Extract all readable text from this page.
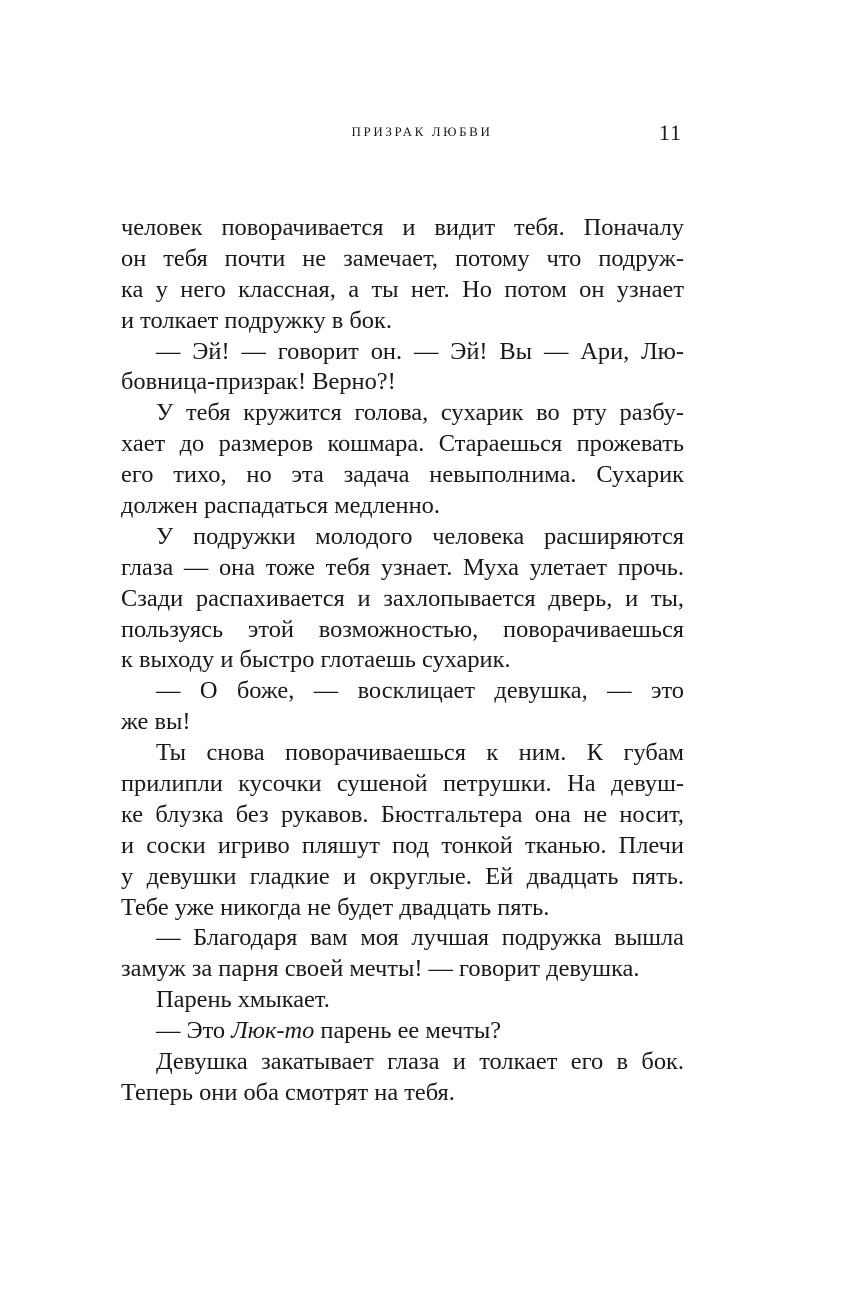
ПРИЗРАК ЛЮБВИ	11
человек поворачивается и видит тебя. Поначалу
он тебя почти не замечает, потому что подруж-
ка у него классная, а ты нет. Но потом он узнает
и толкает подружку в бок.
— Эй! — говорит он. — Эй! Вы — Ари, Лю-
бовница-призрак! Верно?!
У тебя кружится голова, сухарик во рту разбу-
хает до размеров кошмара. Стараешься прожевать
его тихо, но эта задача невыполнима. Сухарик
должен распадаться медленно.
У подружки молодого человека расширяются
глаза — она тоже тебя узнает. Муха улетает прочь.
Сзади распахивается и захлопывается дверь, и ты,
пользуясь этой возможностью, поворачиваешься
к выходу и быстро глотаешь сухарик.
— О боже, — восклицает девушка, — это
же вы!
Ты снова поворачиваешься к ним. К губам
прилипли кусочки сушеной петрушки. На девуш-
ке блузка без рукавов. Бюстгальтера она не носит,
и соски игриво пляшут под тонкой тканью. Плечи
у девушки гладкие и округлые. Ей двадцать пять.
Тебе уже никогда не будет двадцать пять.
— Благодаря вам моя лучшая подружка вышла
замуж за парня своей мечты! — говорит девушка.
Парень хмыкает.
— Это Люк-то парень ее мечты?
Девушка закатывает глаза и толкает его в бок.
Теперь они оба смотрят на тебя.
